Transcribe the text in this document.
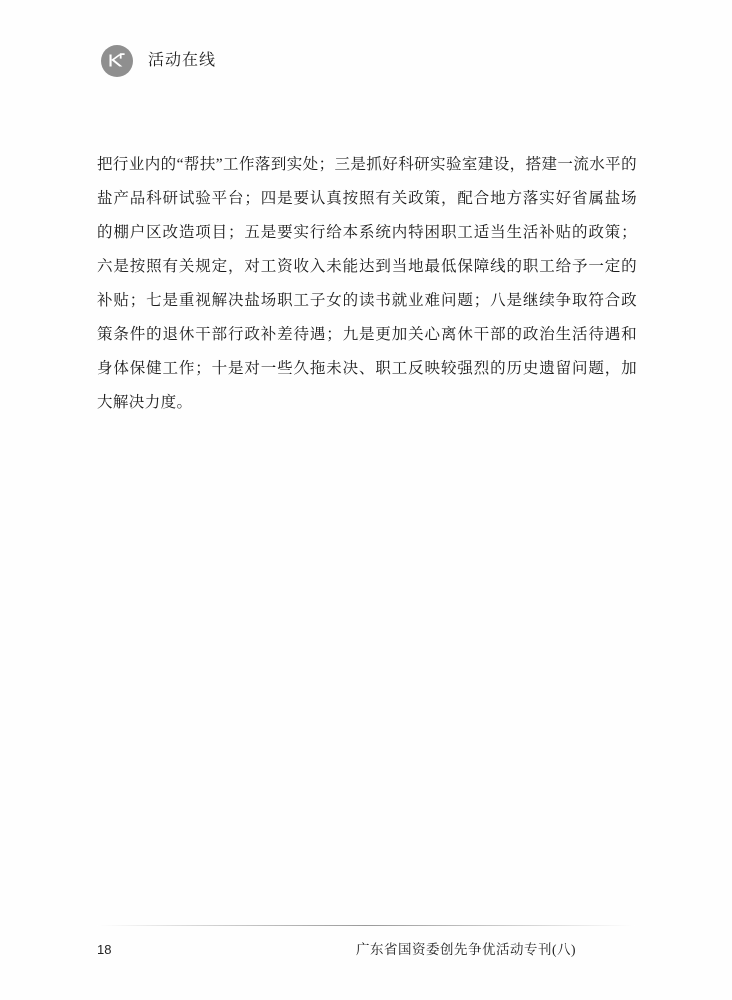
活动在线

把行业内的“帮扶”工作落到实处；三是抓好科研实验室建设，搭建一流水平的盐产品科研试验平台；四是要认真按照有关政策，配合地方落实好省属盐场的棚户区改造项目；五是要实行给本系统内特困职工适当生活补贴的政策；六是按照有关规定，对工资收入未能达到当地最低保障线的职工给予一定的补贴；七是重视解决盐场职工子女的读书就业难问题；八是继续争取符合政策条件的退休干部行政补差待遇；九是更加关心离休干部的政治生活待遇和身体保健工作；十是对一些久拖未决、职工反映较强烈的历史遗留问题，加大解决力度。

18	广东省国资委创先争优活动专刊(八)
